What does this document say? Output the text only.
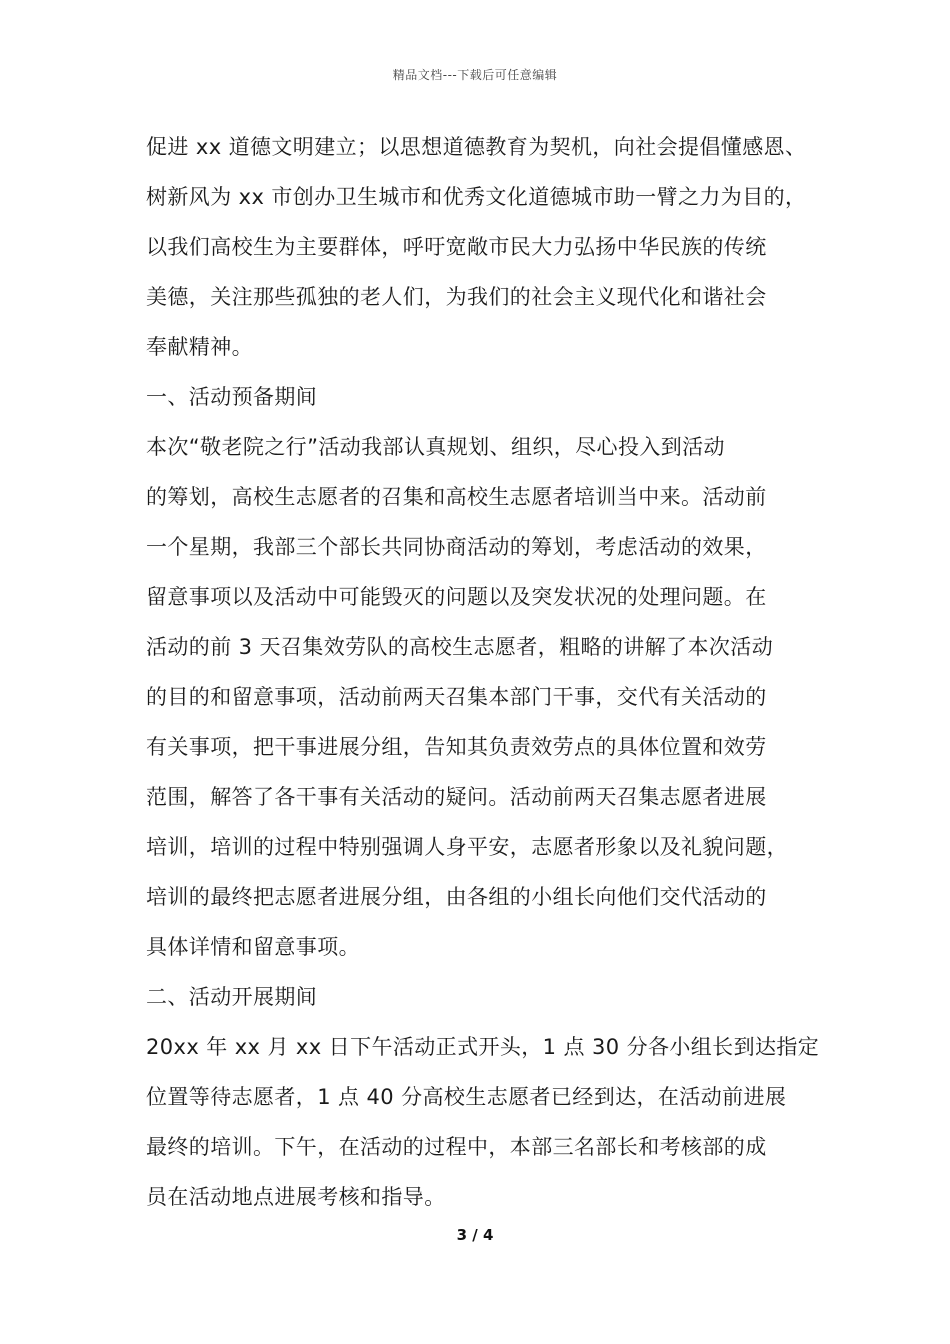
精品文档---下载后可任意编辑
促进 xx 道德文明建立；以思想道德教育为契机，向社会提倡懂感恩、
树新风为 xx 市创办卫生城市和优秀文化道德城市助一臂之力为目的，
以我们高校生为主要群体，呼吁宽敞市民大力弘扬中华民族的传统
美德，关注那些孤独的老人们，为我们的社会主义现代化和谐社会
奉献精神。
一、活动预备期间
本次“敬老院之行”活动我部认真规划、组织，尽心投入到活动
的筹划，高校生志愿者的召集和高校生志愿者培训当中来。活动前
一个星期，我部三个部长共同协商活动的筹划，考虑活动的效果，
留意事项以及活动中可能毁灭的问题以及突发状况的处理问题。在
活动的前 3 天召集效劳队的高校生志愿者，粗略的讲解了本次活动
的目的和留意事项，活动前两天召集本部门干事，交代有关活动的
有关事项，把干事进展分组，告知其负责效劳点的具体位置和效劳
范围，解答了各干事有关活动的疑问。活动前两天召集志愿者进展
培训，培训的过程中特别强调人身平安，志愿者形象以及礼貌问题，
培训的最终把志愿者进展分组，由各组的小组长向他们交代活动的
具体详情和留意事项。
二、活动开展期间
20xx 年 xx 月 xx 日下午活动正式开头，1 点 30 分各小组长到达指定
位置等待志愿者，1 点 40 分高校生志愿者已经到达，在活动前进展
最终的培训。下午，在活动的过程中，本部三名部长和考核部的成
员在活动地点进展考核和指导。
3 / 4
